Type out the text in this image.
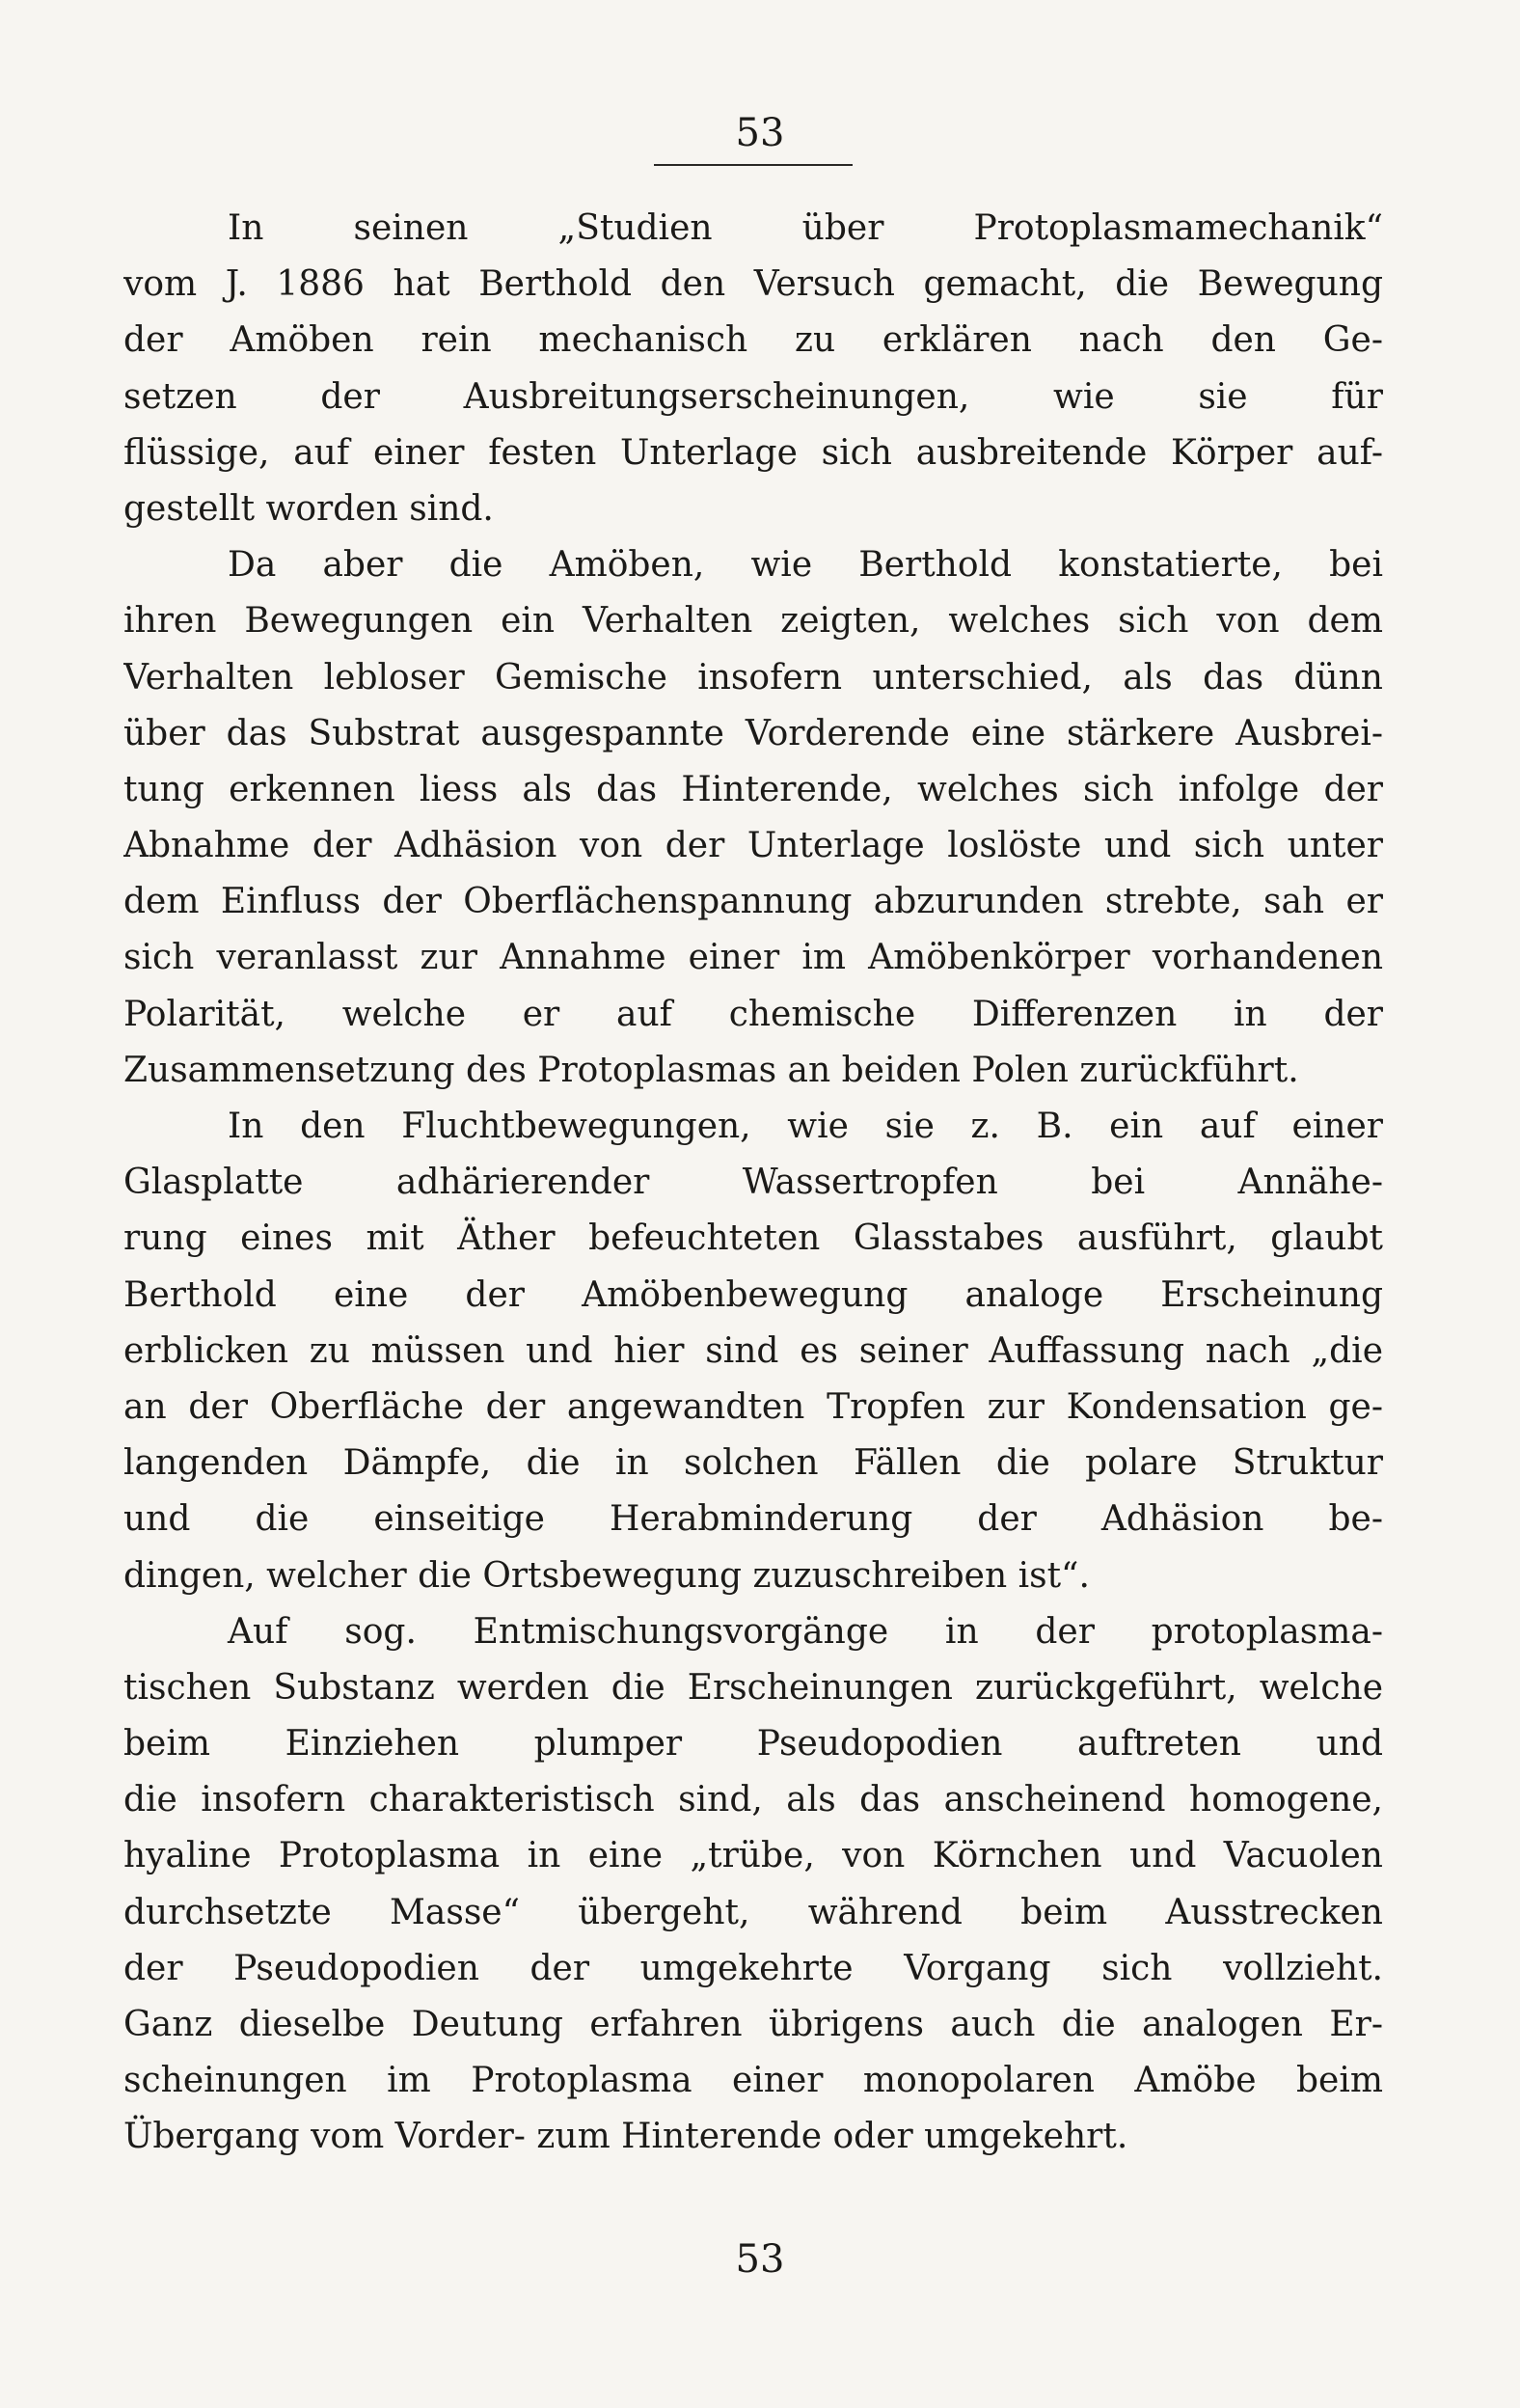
53
In seinen „Studien über Protoplasmamechanik“
vom J. 1886 hat Berthold den Versuch gemacht, die Bewegung
der Amöben rein mechanisch zu erklären nach den Ge-
setzen der Ausbreitungserscheinungen, wie sie für
flüssige, auf einer festen Unterlage sich ausbreitende Körper auf-
gestellt worden sind.
Da aber die Amöben, wie Berthold konstatierte, bei
ihren Bewegungen ein Verhalten zeigten, welches sich von dem
Verhalten lebloser Gemische insofern unterschied, als das dünn
über das Substrat ausgespannte Vorderende eine stärkere Ausbrei-
tung erkennen liess als das Hinterende, welches sich infolge der
Abnahme der Adhäsion von der Unterlage loslöste und sich unter
dem Einfluss der Oberflächenspannung abzurunden strebte, sah er
sich veranlasst zur Annahme einer im Amöbenkörper vorhandenen
Polarität, welche er auf chemische Differenzen in der
Zusammensetzung des Protoplasmas an beiden Polen zurückführt.
In den Fluchtbewegungen, wie sie z. B. ein auf einer
Glasplatte adhärierender Wassertropfen bei Annähe-
rung eines mit Äther befeuchteten Glasstabes ausführt, glaubt
Berthold eine der Amöbenbewegung analoge Erscheinung
erblicken zu müssen und hier sind es seiner Auffassung nach „die
an der Oberfläche der angewandten Tropfen zur Kondensation ge-
langenden Dämpfe, die in solchen Fällen die polare Struktur
und die einseitige Herabminderung der Adhäsion be-
dingen, welcher die Ortsbewegung zuzuschreiben ist“.
Auf sog. Entmischungsvorgänge in der protoplasma-
tischen Substanz werden die Erscheinungen zurückgeführt, welche
beim Einziehen plumper Pseudopodien auftreten und
die insofern charakteristisch sind, als das anscheinend homogene,
hyaline Protoplasma in eine „trübe, von Körnchen und Vacuolen
durchsetzte Masse“ übergeht, während beim Ausstrecken
der Pseudopodien der umgekehrte Vorgang sich vollzieht.
Ganz dieselbe Deutung erfahren übrigens auch die analogen Er-
scheinungen im Protoplasma einer monopolaren Amöbe beim
Übergang vom Vorder- zum Hinterende oder umgekehrt.
53
